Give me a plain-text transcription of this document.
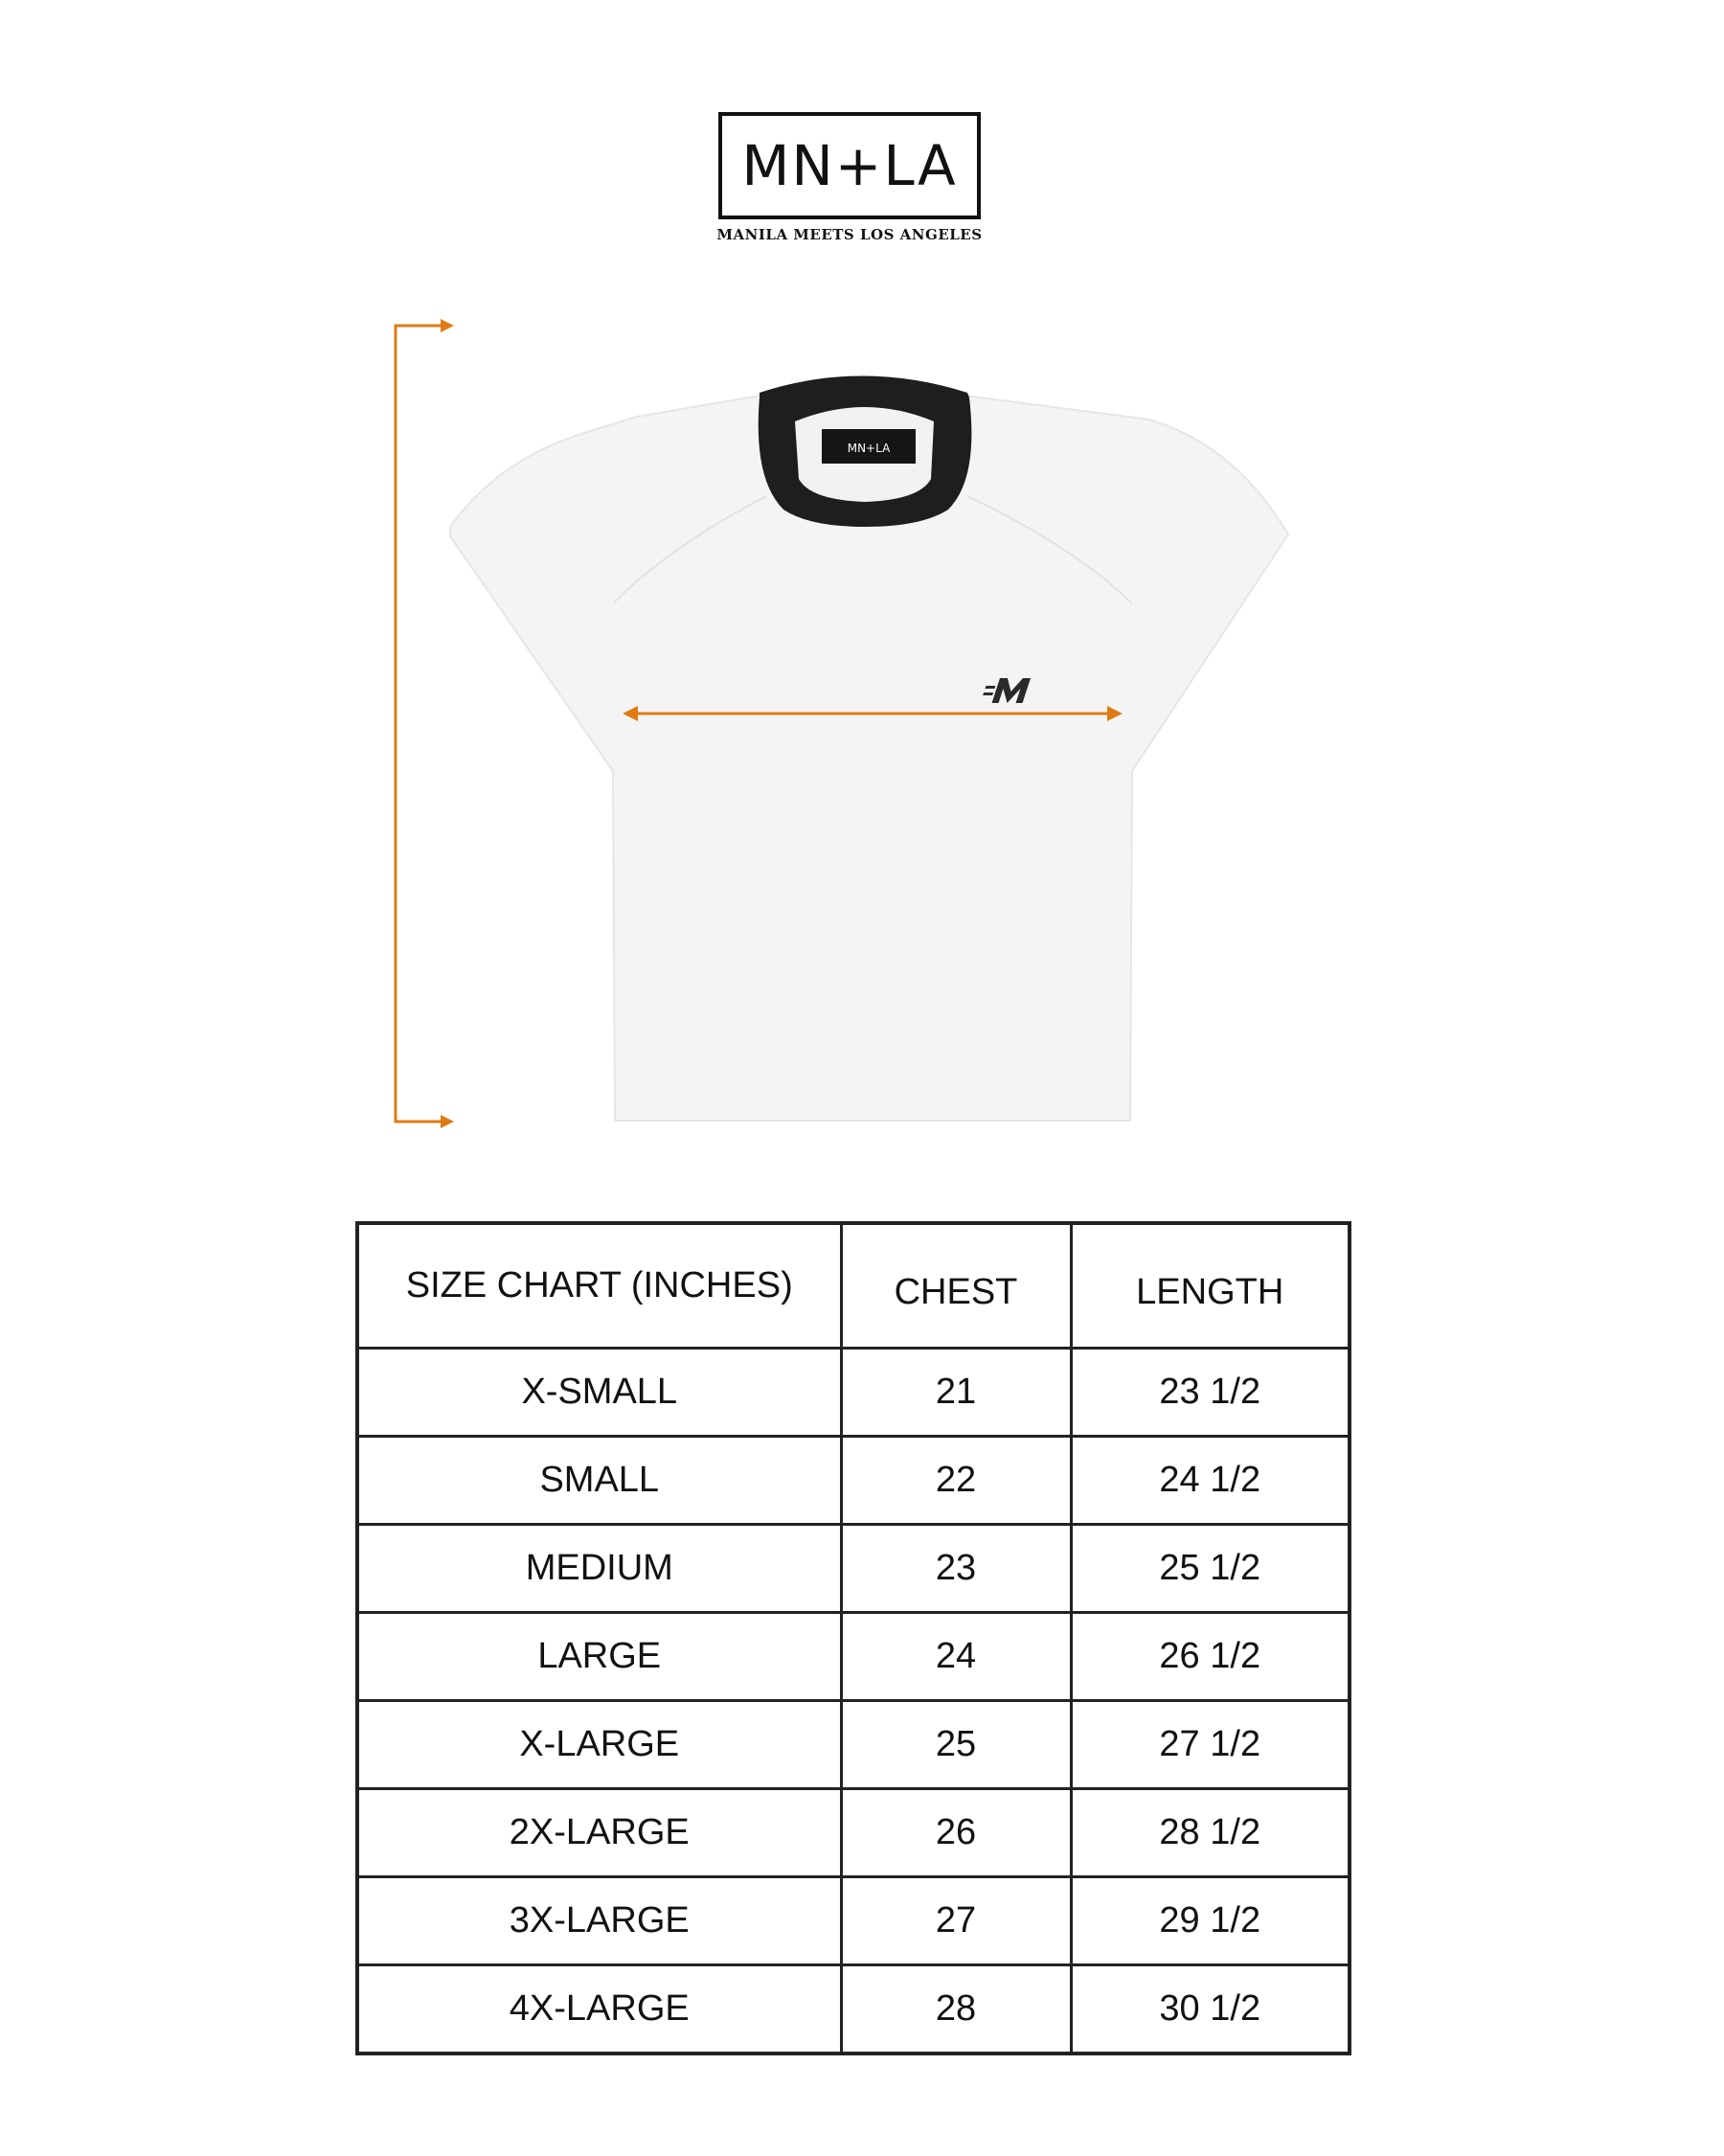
MN+LA
MANILA MEETS LOS ANGELES
MN+LA
SIZE CHART (INCHES)	CHEST	LENGTH
X-SMALL	21	23 1/2
SMALL	22	24 1/2
MEDIUM	23	25 1/2
LARGE	24	26 1/2
X-LARGE	25	27 1/2
2X-LARGE	26	28 1/2
3X-LARGE	27	29 1/2
4X-LARGE	28	30 1/2
